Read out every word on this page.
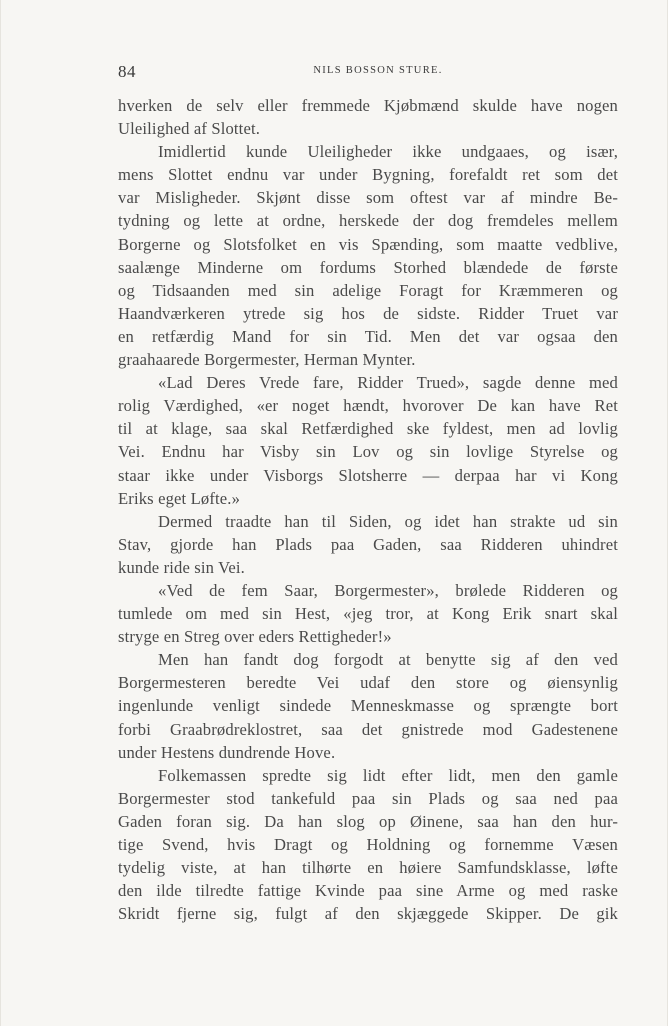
84	NILS BOSSON STURE.
hverken de selv eller fremmede Kjøbmænd skulde have nogen
Uleilighed af Slottet.
Imidlertid kunde Uleiligheder ikke undgaaes, og især,
mens Slottet endnu var under Bygning, forefaldt ret som det
var Misligheder. Skjønt disse som oftest var af mindre Be-
tydning og lette at ordne, herskede der dog fremdeles mellem
Borgerne og Slotsfolket en vis Spænding, som maatte vedblive,
saalænge Minderne om fordums Storhed blændede de første
og Tidsaanden med sin adelige Foragt for Kræmmeren og
Haandværkeren ytrede sig hos de sidste. Ridder Truet var
en retfærdig Mand for sin Tid. Men det var ogsaa den
graahaarede Borgermester, Herman Mynter.
«Lad Deres Vrede fare, Ridder Trued», sagde denne med
rolig Værdighed, «er noget hændt, hvorover De kan have Ret
til at klage, saa skal Retfærdighed ske fyldest, men ad lovlig
Vei. Endnu har Visby sin Lov og sin lovlige Styrelse og
staar ikke under Visborgs Slotsherre — derpaa har vi Kong
Eriks eget Løfte.»
Dermed traadte han til Siden, og idet han strakte ud sin
Stav, gjorde han Plads paa Gaden, saa Ridderen uhindret
kunde ride sin Vei.
«Ved de fem Saar, Borgermester», brølede Ridderen og
tumlede om med sin Hest, «jeg tror, at Kong Erik snart skal
stryge en Streg over eders Rettigheder!»
Men han fandt dog forgodt at benytte sig af den ved
Borgermesteren beredte Vei udaf den store og øiensynlig
ingenlunde venligt sindede Menneskmasse og sprængte bort
forbi Graabrødreklostret, saa det gnistrede mod Gadestenene
under Hestens dundrende Hove.
Folkemassen spredte sig lidt efter lidt, men den gamle
Borgermester stod tankefuld paa sin Plads og saa ned paa
Gaden foran sig. Da han slog op Øinene, saa han den hur-
tige Svend, hvis Dragt og Holdning og fornemme Væsen
tydelig viste, at han tilhørte en høiere Samfundsklasse, løfte
den ilde tilredte fattige Kvinde paa sine Arme og med raske
Skridt fjerne sig, fulgt af den skjæggede Skipper. De gik
